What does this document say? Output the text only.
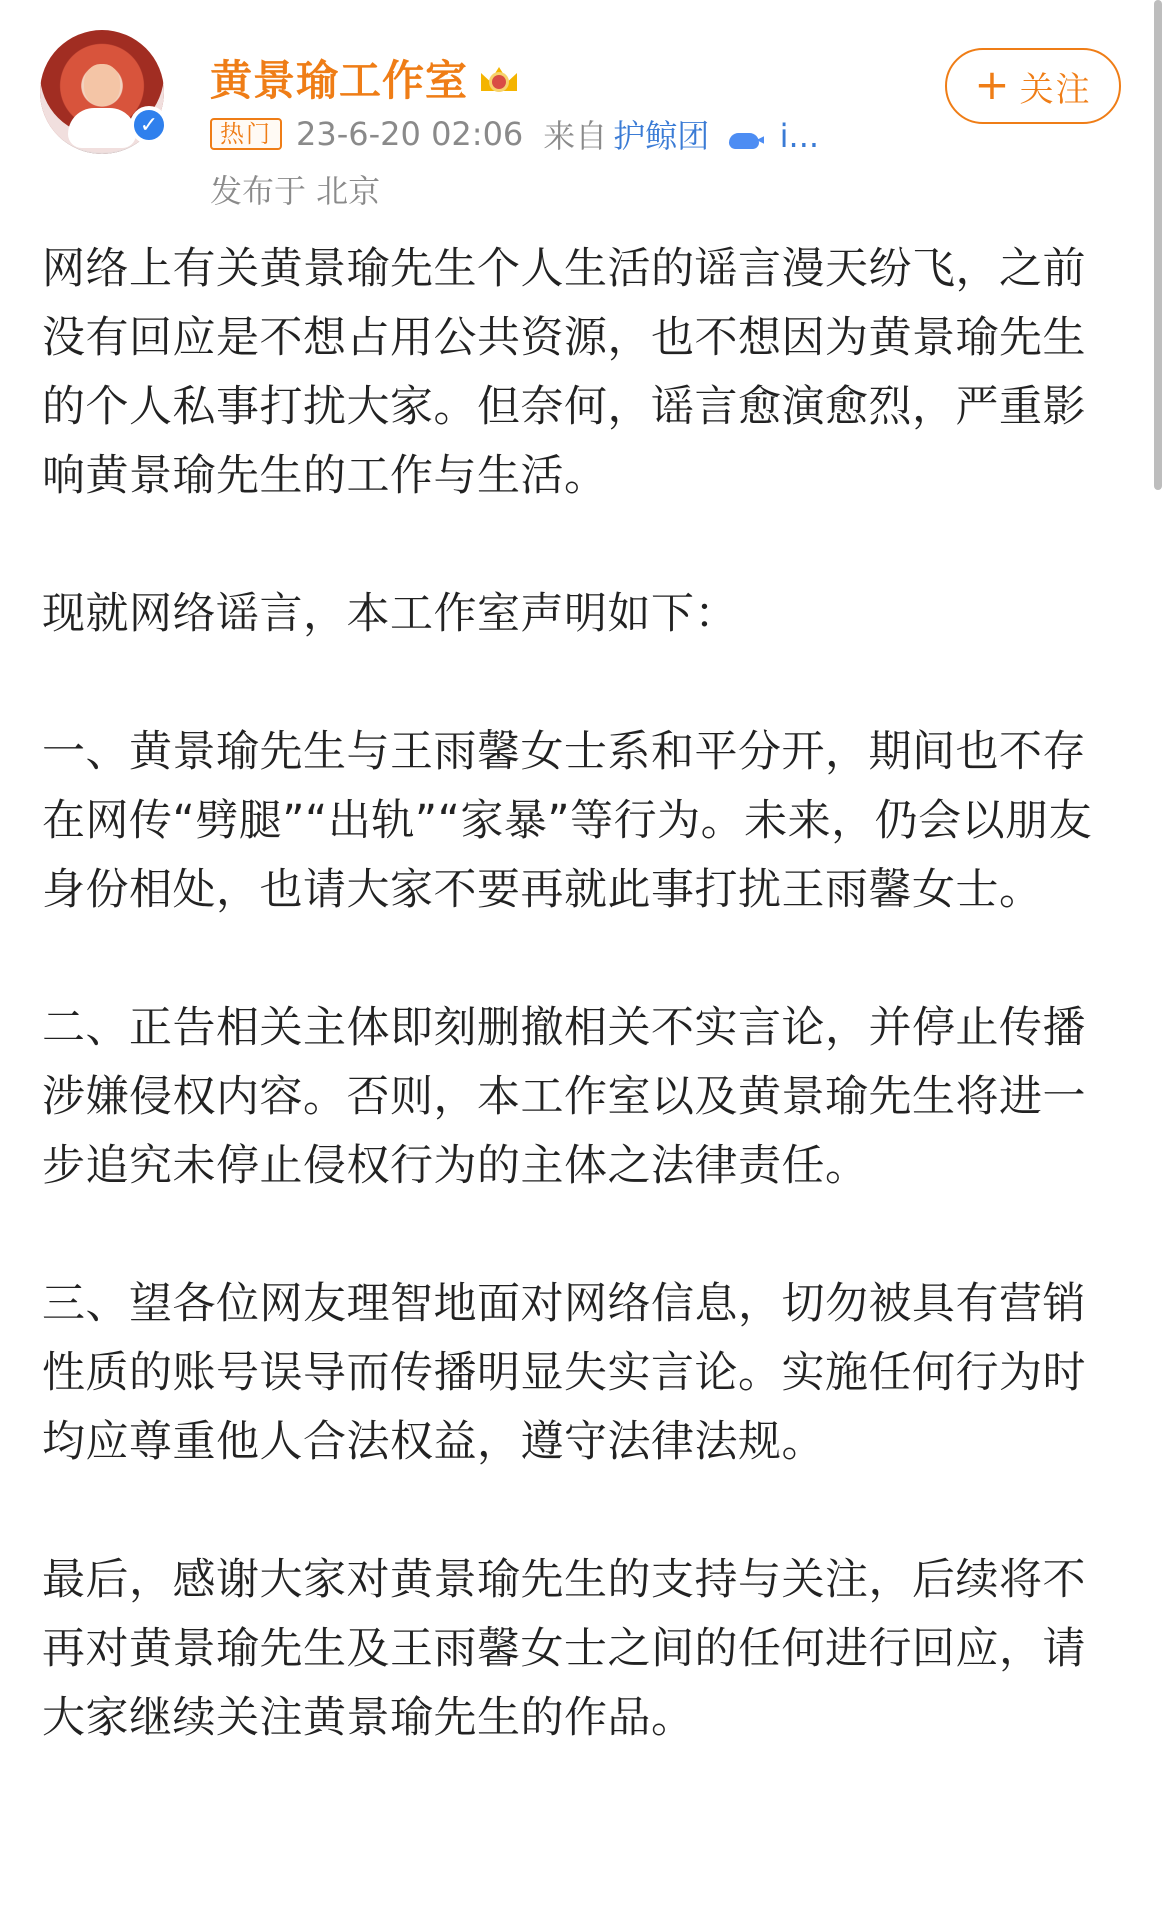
✓
黄景瑜工作室
热门 23-6-20 02:06 来自 护鲸团 i...
发布于 北京
+ 关注

网络上有关黄景瑜先生个人生活的谣言漫天纷飞，之前没有回应是不想占用公共资源，也不想因为黄景瑜先生的个人私事打扰大家。但奈何，谣言愈演愈烈，严重影响黄景瑜先生的工作与生活。

现就网络谣言，本工作室声明如下：

一、黄景瑜先生与王雨馨女士系和平分开，期间也不存在网传“劈腿”“出轨”“家暴”等行为。未来，仍会以朋友身份相处，也请大家不要再就此事打扰王雨馨女士。

二、正告相关主体即刻删撤相关不实言论，并停止传播涉嫌侵权内容。否则，本工作室以及黄景瑜先生将进一步追究未停止侵权行为的主体之法律责任。

三、望各位网友理智地面对网络信息，切勿被具有营销性质的账号误导而传播明显失实言论。实施任何行为时均应尊重他人合法权益，遵守法律法规。

最后，感谢大家对黄景瑜先生的支持与关注，后续将不再对黄景瑜先生及王雨馨女士之间的任何进行回应，请大家继续关注黄景瑜先生的作品。
